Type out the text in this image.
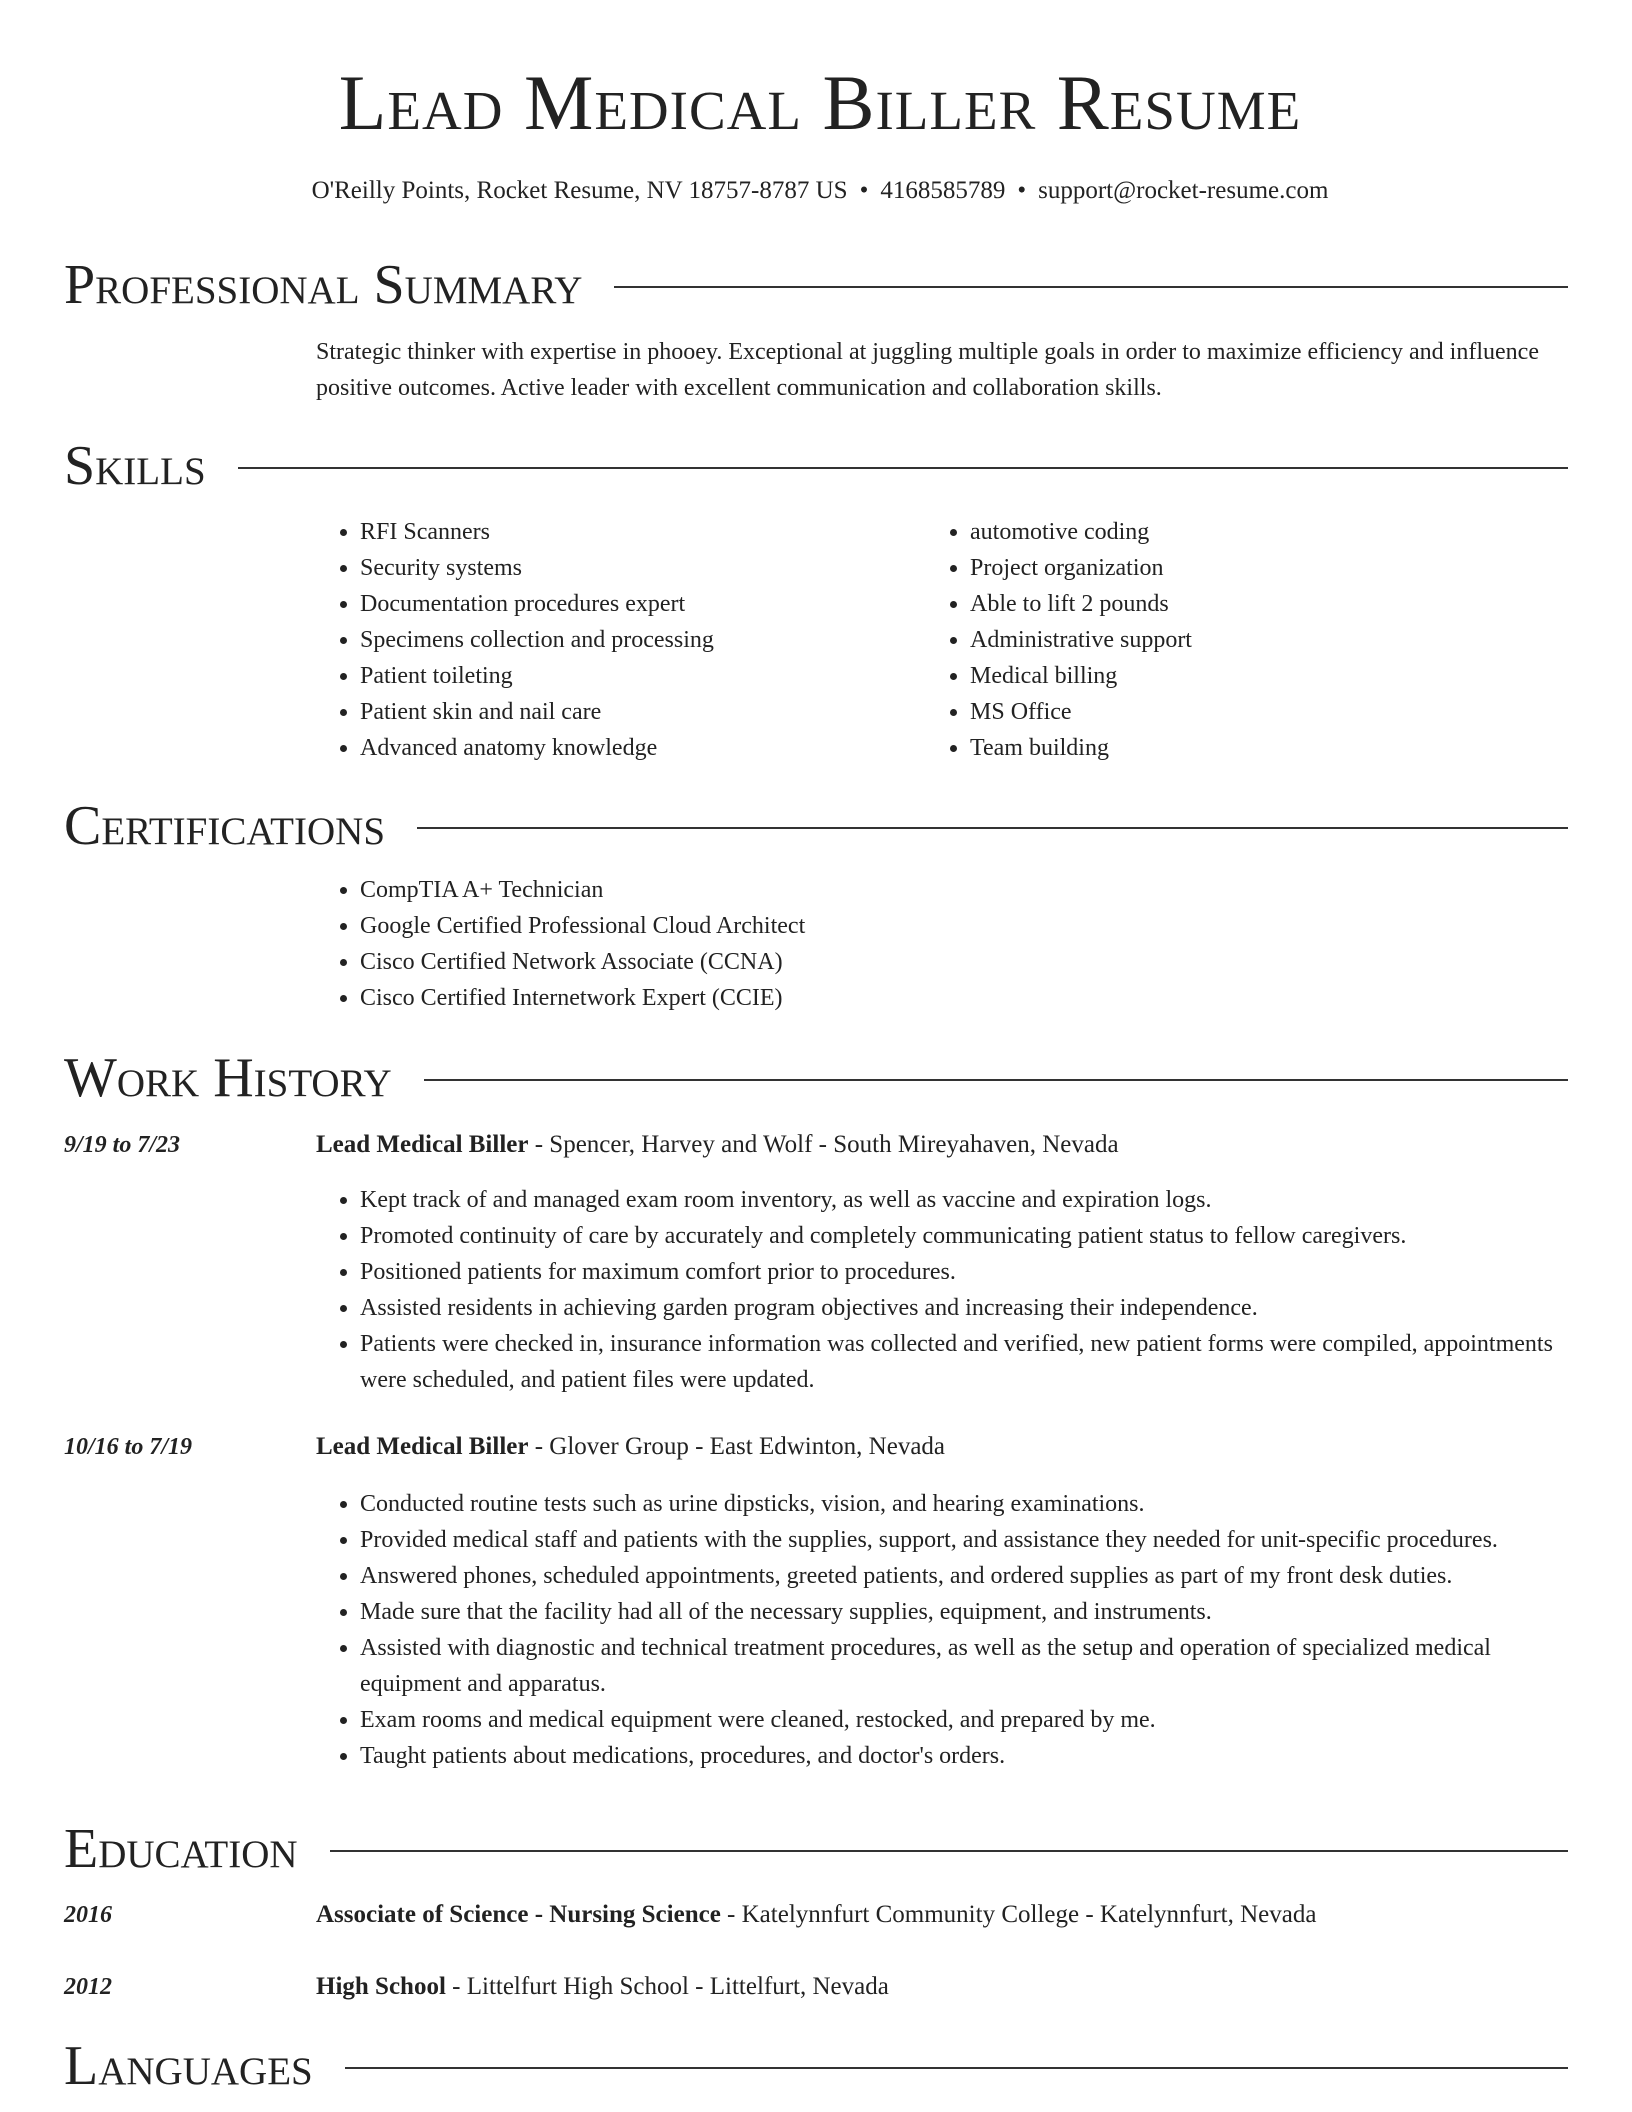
Lead Medical Biller Resume
O'Reilly Points, Rocket Resume, NV 18757-8787 US • 4168585789 • support@rocket-resume.com
Professional Summary
Strategic thinker with expertise in phooey. Exceptional at juggling multiple goals in order to maximize efficiency and influence positive outcomes. Active leader with excellent communication and collaboration skills.
Skills
• RFI Scanners
• Security systems
• Documentation procedures expert
• Specimens collection and processing
• Patient toileting
• Patient skin and nail care
• Advanced anatomy knowledge
• automotive coding
• Project organization
• Able to lift 2 pounds
• Administrative support
• Medical billing
• MS Office
• Team building
Certifications
• CompTIA A+ Technician
• Google Certified Professional Cloud Architect
• Cisco Certified Network Associate (CCNA)
• Cisco Certified Internetwork Expert (CCIE)
Work History
9/19 to 7/23	Lead Medical Biller - Spencer, Harvey and Wolf - South Mireyahaven, Nevada
• Kept track of and managed exam room inventory, as well as vaccine and expiration logs.
• Promoted continuity of care by accurately and completely communicating patient status to fellow caregivers.
• Positioned patients for maximum comfort prior to procedures.
• Assisted residents in achieving garden program objectives and increasing their independence.
• Patients were checked in, insurance information was collected and verified, new patient forms were compiled, appointments were scheduled, and patient files were updated.
10/16 to 7/19	Lead Medical Biller - Glover Group - East Edwinton, Nevada
• Conducted routine tests such as urine dipsticks, vision, and hearing examinations.
• Provided medical staff and patients with the supplies, support, and assistance they needed for unit-specific procedures.
• Answered phones, scheduled appointments, greeted patients, and ordered supplies as part of my front desk duties.
• Made sure that the facility had all of the necessary supplies, equipment, and instruments.
• Assisted with diagnostic and technical treatment procedures, as well as the setup and operation of specialized medical equipment and apparatus.
• Exam rooms and medical equipment were cleaned, restocked, and prepared by me.
• Taught patients about medications, procedures, and doctor's orders.
Education
2016	Associate of Science - Nursing Science - Katelynnfurt Community College - Katelynnfurt, Nevada
2012	High School - Littelfurt High School - Littelfurt, Nevada
Languages
